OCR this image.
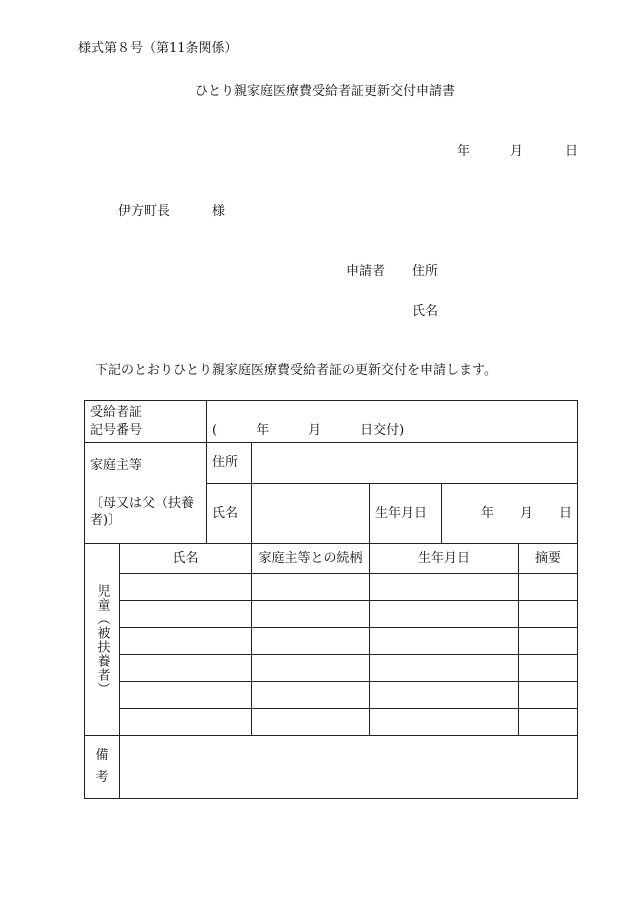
様式第８号（第11条関係）
ひとり親家庭医療費受給者証更新交付申請書
年	月	日
伊方町長	様
申請者 住所
氏名
下記のとおりひとり親家庭医療費受給者証の更新交付を申請します。
受給者証
記号番号		(　　　年　　　月　　　日交付)				

家庭主等
〔母又は父（扶養者)〕		住所				
		氏名		生年月日	年　　月　　日	

児童（被扶養者）	氏名		家庭主等との続柄	生年月日		摘要

備
考						
